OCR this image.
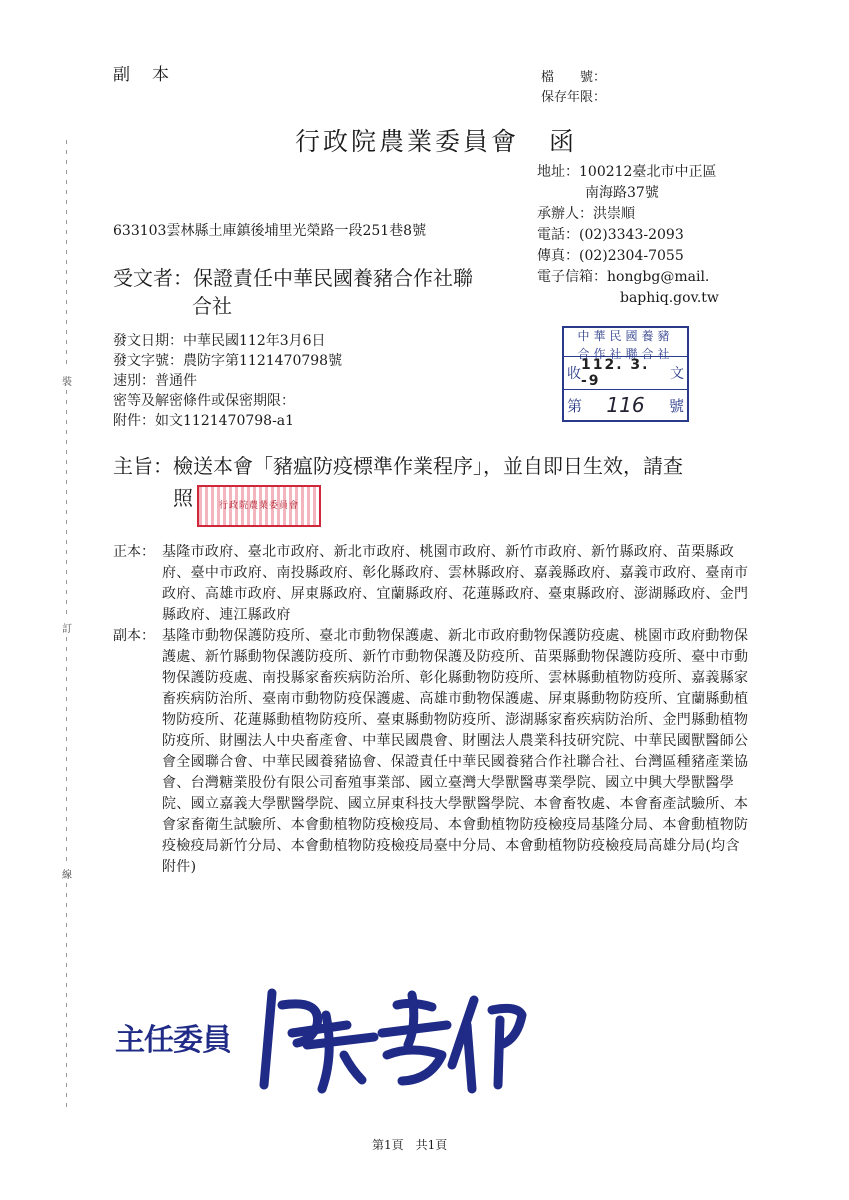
裝
訂
線
副本	檔　　號：
保存年限：
行政院農業委員會 函
地址：100212臺北市中正區
南海路37號
承辦人：洪崇順
電話：(02)3343-2093
傳真：(02)2304-7055
電子信箱：hongbg@mail.
baphiq.gov.tw
633103雲林縣土庫鎮後埔里光榮路一段251巷8號
受文者：保證責任中華民國養豬合作社聯
合社
發文日期：中華民國112年3月6日
發文字號：農防字第1121470798號
速別：普通件
密等及解密條件或保密期限：
附件：如文1121470798-a1
中華民國養豬
合作社聯合社
收
112. 3. -9	文
第 116 號
主旨：檢送本會「豬瘟防疫標準作業程序」，並自即日生效，請查
照	行政院農業委員會
正本： 基隆市政府、臺北市政府、新北市政府、桃園市政府、新竹市政府、新竹縣政府、苗栗縣政府、臺中市政府、南投縣政府、彰化縣政府、雲林縣政府、嘉義縣政府、嘉義市政府、臺南市政府、高雄市政府、屏東縣政府、宜蘭縣政府、花蓮縣政府、臺東縣政府、澎湖縣政府、金門縣政府、連江縣政府
副本： 基隆市動物保護防疫所、臺北市動物保護處、新北市政府動物保護防疫處、桃園市政府動物保護處、新竹縣動物保護防疫所、新竹市動物保護及防疫所、苗栗縣動物保護防疫所、臺中市動物保護防疫處、南投縣家畜疾病防治所、彰化縣動物防疫所、雲林縣動植物防疫所、嘉義縣家畜疾病防治所、臺南市動物防疫保護處、高雄市動物保護處、屏東縣動物防疫所、宜蘭縣動植物防疫所、花蓮縣動植物防疫所、臺東縣動物防疫所、澎湖縣家畜疾病防治所、金門縣動植物防疫所、財團法人中央畜產會、中華民國農會、財團法人農業科技研究院、中華民國獸醫師公會全國聯合會、中華民國養豬協會、保證責任中華民國養豬合作社聯合社、台灣區種豬產業協會、台灣糖業股份有限公司畜殖事業部、國立臺灣大學獸醫專業學院、國立中興大學獸醫學院、國立嘉義大學獸醫學院、國立屏東科技大學獸醫學院、本會畜牧處、本會畜產試驗所、本會家畜衛生試驗所、本會動植物防疫檢疫局、本會動植物防疫檢疫局基隆分局、本會動植物防疫檢疫局新竹分局、本會動植物防疫檢疫局臺中分局、本會動植物防疫檢疫局高雄分局(均含附件)
主任委員
第1頁　共1頁
